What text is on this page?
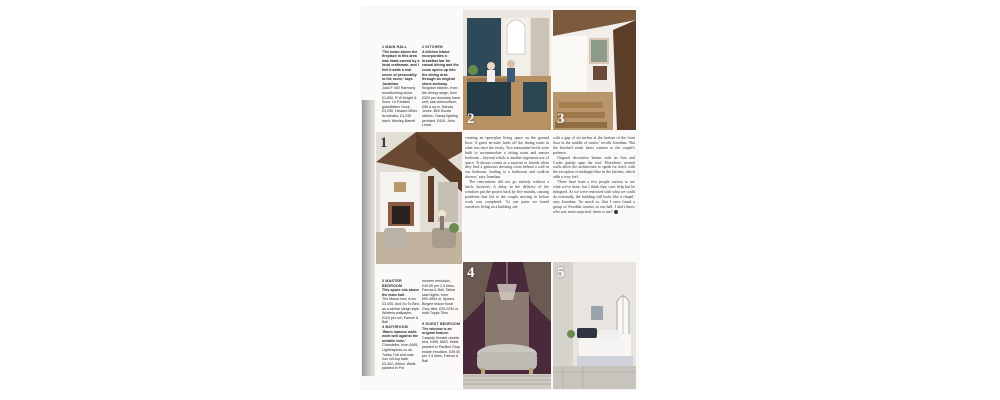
1 MAIN HALL
'The beam above the fireplace in this area was hand-carved by a local craftsman, and I feel it adds a real sense of personality to the room,' says Jonathan.
Jotul F 400 Harmony woodburning stove, £1,850, R W Knight & Sons. Le Parisien grandfather clock, £3,250, Howard Miller. Armchairs, £1,245 each, Wesley-Barrell
2 KITCHEN
A kitchen island incorporates a breakfast bar for casual dining and the room opens up into the dining area through an original stone archway.
Kingston kitchen, from the dining range, from £320 per doorstep base unit; oak worksurface, £95 a sq m. Harvey Jones. Bell Goods kitchen, Dassy lighting pendant, £449, John Lewis	2	3
1	creating an open-plan living space on the ground floor. A guest en-suite leads off the dining room in what was once the vestry. Two mezzanine levels were built to accommodate a sitting room and master bedroom – beyond which is another ingenious use of space. 'It always comes as a surprise to friends when they find a generous dressing room behind a wall in our bedroom, leading to a bathroom and walk-in shower,' says Jonathan.

The renovations did not go entirely without a hitch, however. A delay in the delivery of the windows put the project back by five months, causing problems that led to the couple moving in before work was completed. 'At one point we found ourselves living on a building site

with a gap of six inches at the bottom of the front door in the middle of winter,' recalls Jonathan. 'But the finished result bears witness to the couple's patience.

Original decorative beams with an Arts and Crafts quality span the roof. Elsewhere, neutral walls allow the architecture to speak for itself, with the exception of midnight blue in the kitchen, which adds a cosy feel.

'There have been a few people curious to see what we've done, but I think they can't help but be intrigued. As we were restricted with what we could do externally, the building still looks like a chapel,' says Jonathan. 'So much so, that I once found a group of Swedish tourists in our hall. I don't know who was more surprised, them or me!'

3 MASTER BEDROOM
This space sits above the main hall.
The Manor bed, from £3,405, And So To Bed, as a similar sleigh style. Wisteria wallpaper, £115 per roll, Farrow & Ball
modern emulsion, £49.50 per 2.5 litres, Farrow & Ball. Talisa sash lights, from £90.4594 m. Spears Bingee indoor floral Grey tiles, £93.2294 m. both Topps Tiles
4 BATHROOM
'Warm maroon walls work well against the metallic tone,'
Chandelier, from £465, Lightinspires.co.uk. Tubby Tub and cast-iron roll-top bath, £3,402, Albion. Walls painted in Pot
5 GUEST BEDROOM
The window is an original feature.
Cassidy Horster double bed, £495, M&S. Walls painted in Pavilion Gray estate emulsion, £49.50 per 2.5 litres, Farrow & Ball
4	5
